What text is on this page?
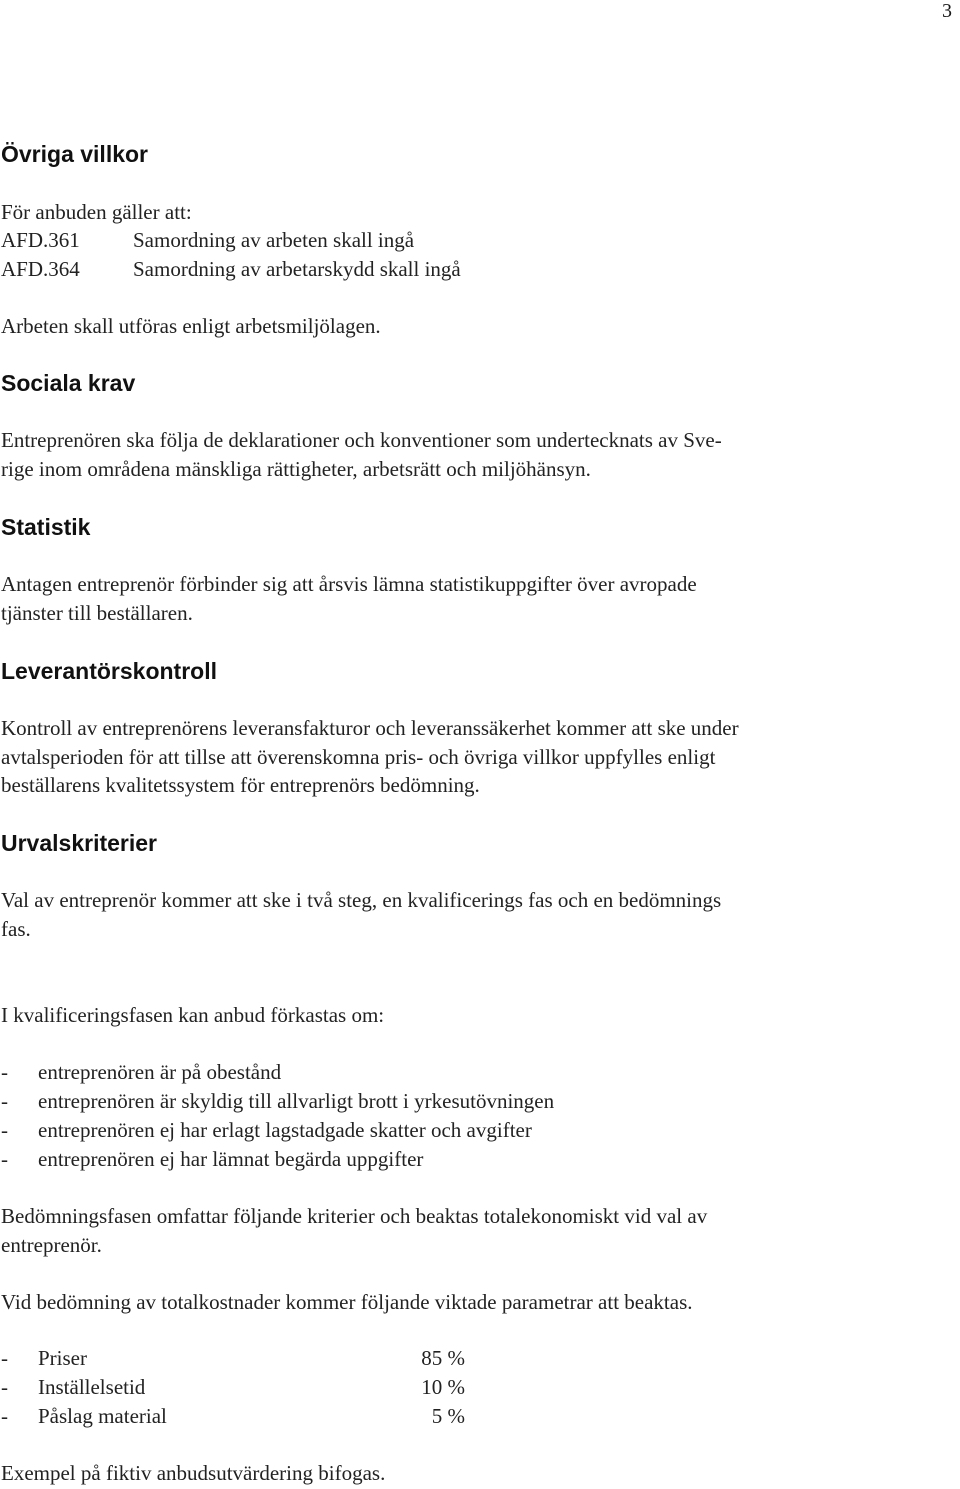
3
Övriga villkor
För anbuden gäller att:
AFD.361	Samordning av arbeten skall ingå
AFD.364	Samordning av arbetarskydd skall ingå
Arbeten skall utföras enligt arbetsmiljölagen.
Sociala krav
Entreprenören ska följa de deklarationer och konventioner som undertecknats av Sve-
rige inom områdena mänskliga rättigheter, arbetsrätt och miljöhänsyn.
Statistik
Antagen entreprenör förbinder sig att årsvis lämna statistikuppgifter över avropade
tjänster till beställaren.
Leverantörskontroll
Kontroll av entreprenörens leveransfakturor och leveranssäkerhet kommer att ske under
avtalsperioden för att tillse att överenskomna pris- och övriga villkor uppfylles enligt
beställarens kvalitetssystem för entreprenörs bedömning.
Urvalskriterier
Val av entreprenör kommer att ske i två steg, en kvalificerings fas och en bedömnings
fas.
I kvalificeringsfasen kan anbud förkastas om:
- entreprenören är på obestånd
- entreprenören är skyldig till allvarligt brott i yrkesutövningen
- entreprenören ej har erlagt lagstadgade skatter och avgifter
- entreprenören ej har lämnat begärda uppgifter
Bedömningsfasen omfattar följande kriterier och beaktas totalekonomiskt vid val av
entreprenör.
Vid bedömning av totalkostnader kommer följande viktade parametrar att beaktas.
- Priser	85 %
- Inställelsetid	10 %
- Påslag material	5 %
Exempel på fiktiv anbudsutvärdering bifogas.
